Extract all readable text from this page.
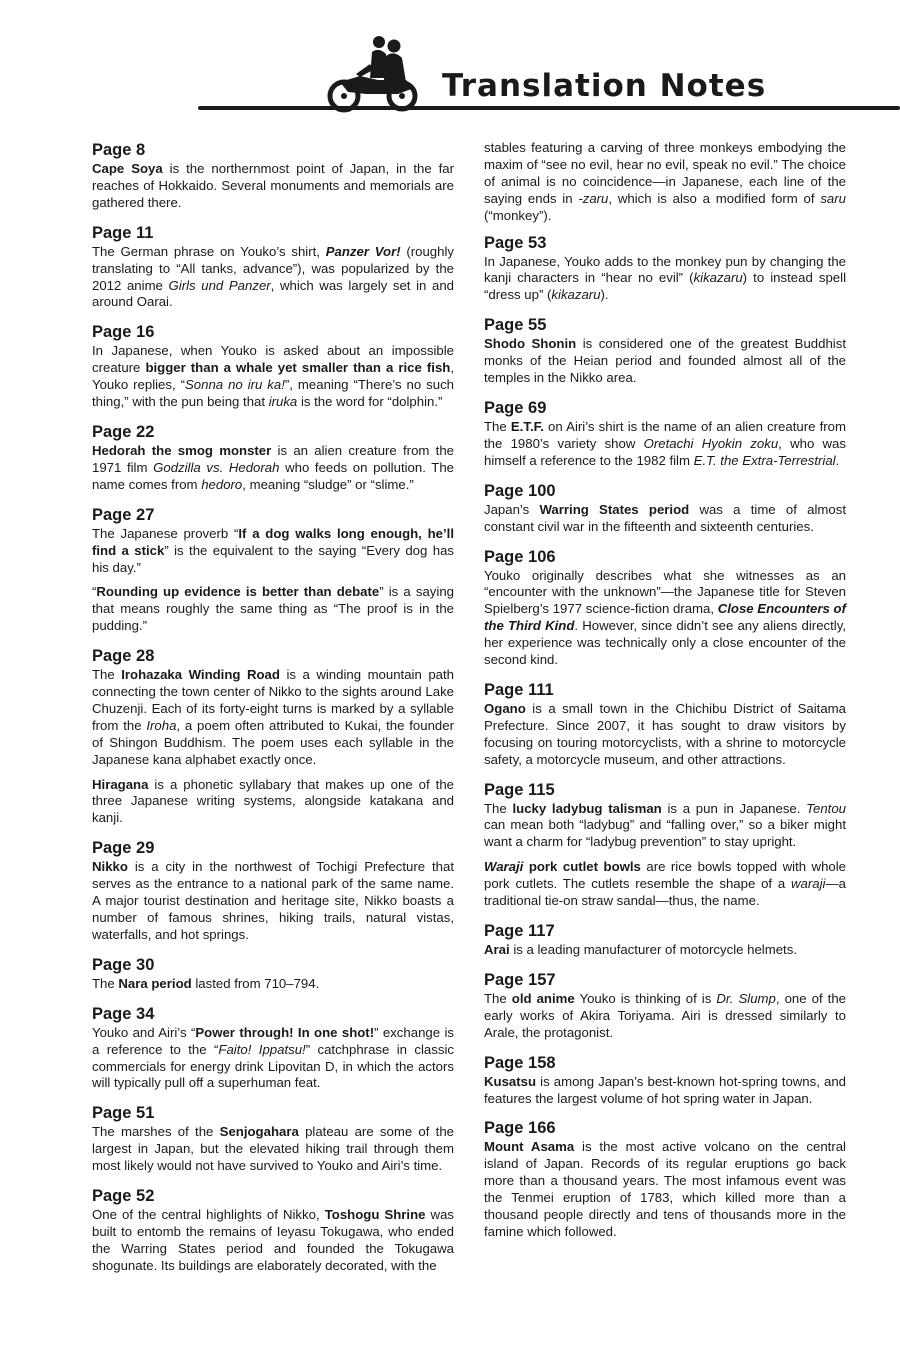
Translation Notes
Page 8

Cape Soya is the northernmost point of Japan, in the far reaches of Hokkaido. Several monuments and memorials are gathered there.

Page 11

The German phrase on Youko’s shirt, Panzer Vor! (roughly translating to “All tanks, advance”), was popularized by the 2012 anime Girls und Panzer, which was largely set in and around Oarai.

Page 16

In Japanese, when Youko is asked about an impossible creature bigger than a whale yet smaller than a rice fish, Youko replies, “Sonna no iru ka!”, meaning “There’s no such thing,” with the pun being that iruka is the word for “dolphin.”

Page 22

Hedorah the smog monster is an alien creature from the 1971 film Godzilla vs. Hedorah who feeds on pollution. The name comes from hedoro, meaning “sludge” or “slime.”

Page 27

The Japanese proverb “If a dog walks long enough, he’ll find a stick” is the equivalent to the saying “Every dog has his day.”

“Rounding up evidence is better than debate” is a saying that means roughly the same thing as “The proof is in the pudding.”

Page 28

The Irohazaka Winding Road is a winding mountain path connecting the town center of Nikko to the sights around Lake Chuzenji. Each of its forty-eight turns is marked by a syllable from the Iroha, a poem often attributed to Kukai, the founder of Shingon Buddhism. The poem uses each syllable in the Japanese kana alphabet exactly once.

Hiragana is a phonetic syllabary that makes up one of the three Japanese writing systems, alongside katakana and kanji.

Page 29

Nikko is a city in the northwest of Tochigi Prefecture that serves as the entrance to a national park of the same name. A major tourist destination and heritage site, Nikko boasts a number of famous shrines, hiking trails, natural vistas, waterfalls, and hot springs.

Page 30

The Nara period lasted from 710–794.

Page 34

Youko and Airi’s “Power through! In one shot!” exchange is a reference to the “Faito! Ippatsu!” catchphrase in classic commercials for energy drink Lipovitan D, in which the actors will typically pull off a superhuman feat.

Page 51

The marshes of the Senjogahara plateau are some of the largest in Japan, but the elevated hiking trail through them most likely would not have survived to Youko and Airi’s time.

Page 52

One of the central highlights of Nikko, Toshogu Shrine was built to entomb the remains of Ieyasu Tokugawa, who ended the Warring States period and founded the Tokugawa shogunate. Its buildings are elaborately decorated, with the

stables featuring a carving of three monkeys embodying the maxim of “see no evil, hear no evil, speak no evil.” The choice of animal is no coincidence—in Japanese, each line of the saying ends in -zaru, which is also a modified form of saru (“monkey”).

Page 53

In Japanese, Youko adds to the monkey pun by changing the kanji characters in “hear no evil” (kikazaru) to instead spell “dress up” (kikazaru).

Page 55

Shodo Shonin is considered one of the greatest Buddhist monks of the Heian period and founded almost all of the temples in the Nikko area.

Page 69

The E.T.F. on Airi’s shirt is the name of an alien creature from the 1980’s variety show Oretachi Hyokin zoku, who was himself a reference to the 1982 film E.T. the Extra-Terrestrial.

Page 100

Japan’s Warring States period was a time of almost constant civil war in the fifteenth and sixteenth centuries.

Page 106

Youko originally describes what she witnesses as an “encounter with the unknown”—the Japanese title for Steven Spielberg’s 1977 science-fiction drama, Close Encounters of the Third Kind. However, since didn’t see any aliens directly, her experience was technically only a close encounter of the second kind.

Page 111

Ogano is a small town in the Chichibu District of Saitama Prefecture. Since 2007, it has sought to draw visitors by focusing on touring motorcyclists, with a shrine to motorcycle safety, a motorcycle museum, and other attractions.

Page 115

The lucky ladybug talisman is a pun in Japanese. Tentou can mean both “ladybug” and “falling over,” so a biker might want a charm for “ladybug prevention” to stay upright.

Waraji pork cutlet bowls are rice bowls topped with whole pork cutlets. The cutlets resemble the shape of a waraji—a traditional tie-on straw sandal—thus, the name.

Page 117

Arai is a leading manufacturer of motorcycle helmets.

Page 157

The old anime Youko is thinking of is Dr. Slump, one of the early works of Akira Toriyama. Airi is dressed similarly to Arale, the protagonist.

Page 158

Kusatsu is among Japan’s best-known hot-spring towns, and features the largest volume of hot spring water in Japan.

Page 166

Mount Asama is the most active volcano on the central island of Japan. Records of its regular eruptions go back more than a thousand years. The most infamous event was the Tenmei eruption of 1783, which killed more than a thousand people directly and tens of thousands more in the famine which followed.
